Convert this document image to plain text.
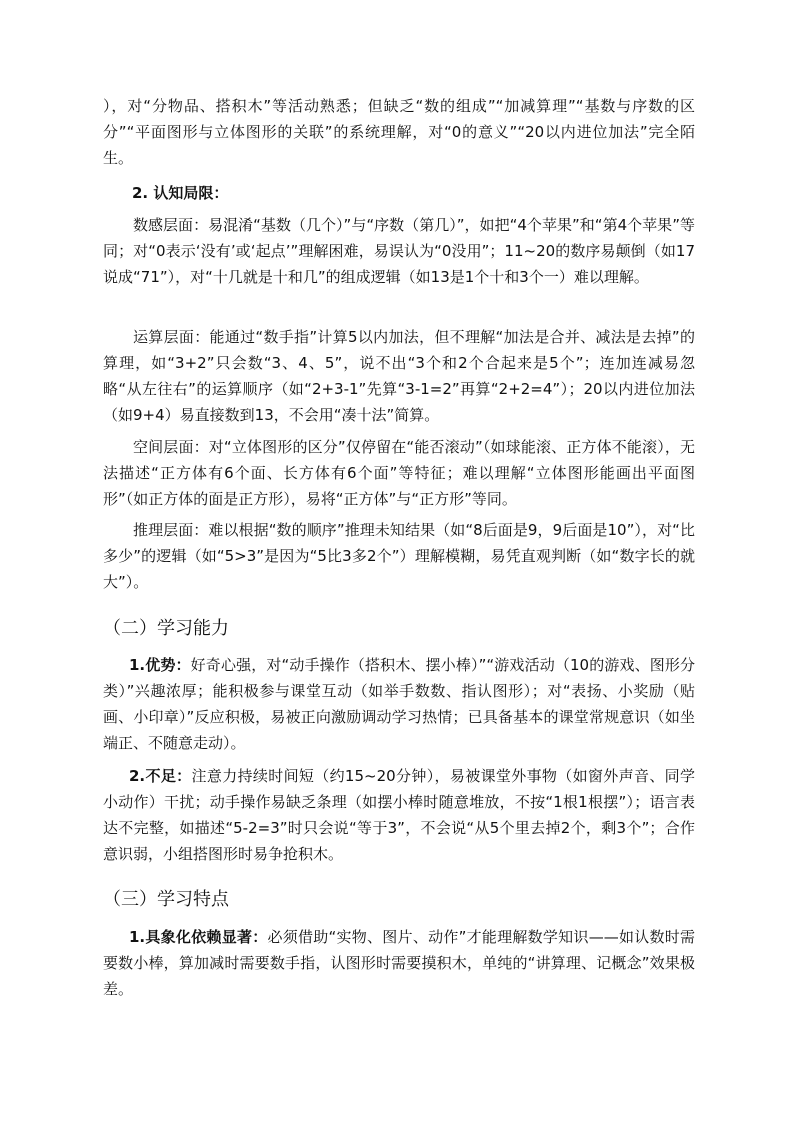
），对“分物品、搭积木”等活动熟悉；但缺乏“数的组成”“加减算理”“基数与序数的区分”“平面图形与立体图形的关联”的系统理解，对“0的意义”“20以内进位加法”完全陌生。

2. 认知局限：

数感层面：易混淆“基数（几个）”与“序数（第几）”，如把“4个苹果”和“第4个苹果”等同；对“0表示‘没有’或‘起点’”理解困难，易误认为“0没用”；11~20的数序易颠倒（如17说成“71”），对“十几就是十和几”的组成逻辑（如13是1个十和3个一）难以理解。

运算层面：能通过“数手指”计算5以内加法，但不理解“加法是合并、减法是去掉”的算理，如“3+2”只会数“3、4、5”，说不出“3个和2个合起来是5个”；连加连减易忽略“从左往右”的运算顺序（如“2+3-1”先算“3-1=2”再算“2+2=4”）；20以内进位加法（如9+4）易直接数到13，不会用“凑十法”简算。

空间层面：对“立体图形的区分”仅停留在“能否滚动”（如球能滚、正方体不能滚），无法描述“正方体有6个面、长方体有6个面”等特征；难以理解“立体图形能画出平面图形”（如正方体的面是正方形），易将“正方体”与“正方形”等同。

推理层面：难以根据“数的顺序”推理未知结果（如“8后面是9，9后面是10”），对“比多少”的逻辑（如“5>3”是因为“5比3多2个”）理解模糊，易凭直观判断（如“数字长的就大”）。

（二）学习能力

1.优势：好奇心强，对“动手操作（搭积木、摆小棒）”“游戏活动（10的游戏、图形分类）”兴趣浓厚；能积极参与课堂互动（如举手数数、指认图形）；对“表扬、小奖励（贴画、小印章）”反应积极，易被正向激励调动学习热情；已具备基本的课堂常规意识（如坐端正、不随意走动）。

2.不足：注意力持续时间短（约15~20分钟），易被课堂外事物（如窗外声音、同学小动作）干扰；动手操作易缺乏条理（如摆小棒时随意堆放，不按“1根1根摆”）；语言表达不完整，如描述“5-2=3”时只会说“等于3”，不会说“从5个里去掉2个，剩3个”；合作意识弱，小组搭图形时易争抢积木。

（三）学习特点

1.具象化依赖显著：必须借助“实物、图片、动作”才能理解数学知识——如认数时需要数小棒，算加减时需要数手指，认图形时需要摸积木，单纯的“讲算理、记概念”效果极差。
